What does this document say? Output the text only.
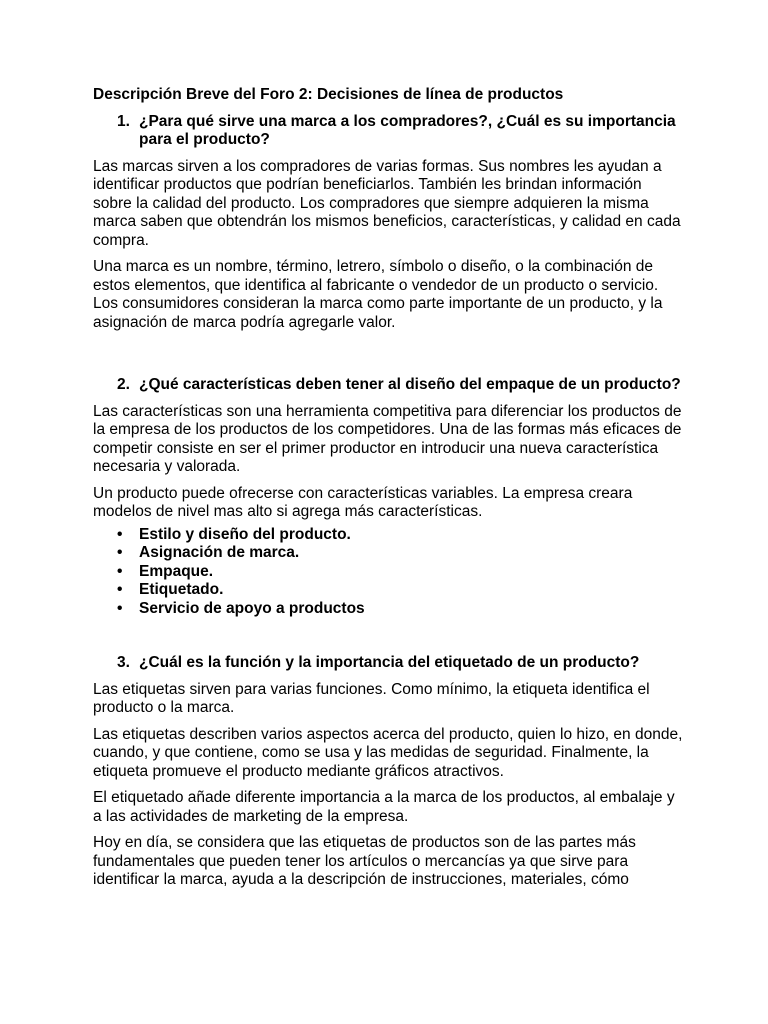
Descripción Breve del Foro 2: Decisiones de línea de productos
1. ¿Para qué sirve una marca a los compradores?, ¿Cuál es su importancia para el producto?

Las marcas sirven a los compradores de varias formas. Sus nombres les ayudan a identificar productos que podrían beneficiarlos. También les brindan información sobre la calidad del producto. Los compradores que siempre adquieren la misma marca saben que obtendrán los mismos beneficios, características, y calidad en cada compra.

Una marca es un nombre, término, letrero, símbolo o diseño, o la combinación de estos elementos, que identifica al fabricante o vendedor de un producto o servicio. Los consumidores consideran la marca como parte importante de un producto, y la asignación de marca podría agregarle valor.

2. ¿Qué características deben tener al diseño del empaque de un producto?

Las características son una herramienta competitiva para diferenciar los productos de la empresa de los productos de los competidores. Una de las formas más eficaces de competir consiste en ser el primer productor en introducir una nueva característica necesaria y valorada.

Un producto puede ofrecerse con características variables. La empresa creara modelos de nivel mas alto si agrega más características.

•	Estilo y diseño del producto.
•	Asignación de marca.
•	Empaque.
•	Etiquetado.
•	Servicio de apoyo a productos
3. ¿Cuál es la función y la importancia del etiquetado de un producto?

Las etiquetas sirven para varias funciones. Como mínimo, la etiqueta identifica el producto o la marca.

Las etiquetas describen varios aspectos acerca del producto, quien lo hizo, en donde, cuando, y que contiene, como se usa y las medidas de seguridad. Finalmente, la etiqueta promueve el producto mediante gráficos atractivos.

El etiquetado añade diferente importancia a la marca de los productos, al embalaje y a las actividades de marketing de la empresa.

Hoy en día, se considera que las etiquetas de productos son de las partes más fundamentales que pueden tener los artículos o mercancías ya que sirve para identificar la marca, ayuda a la descripción de instrucciones, materiales, cómo
